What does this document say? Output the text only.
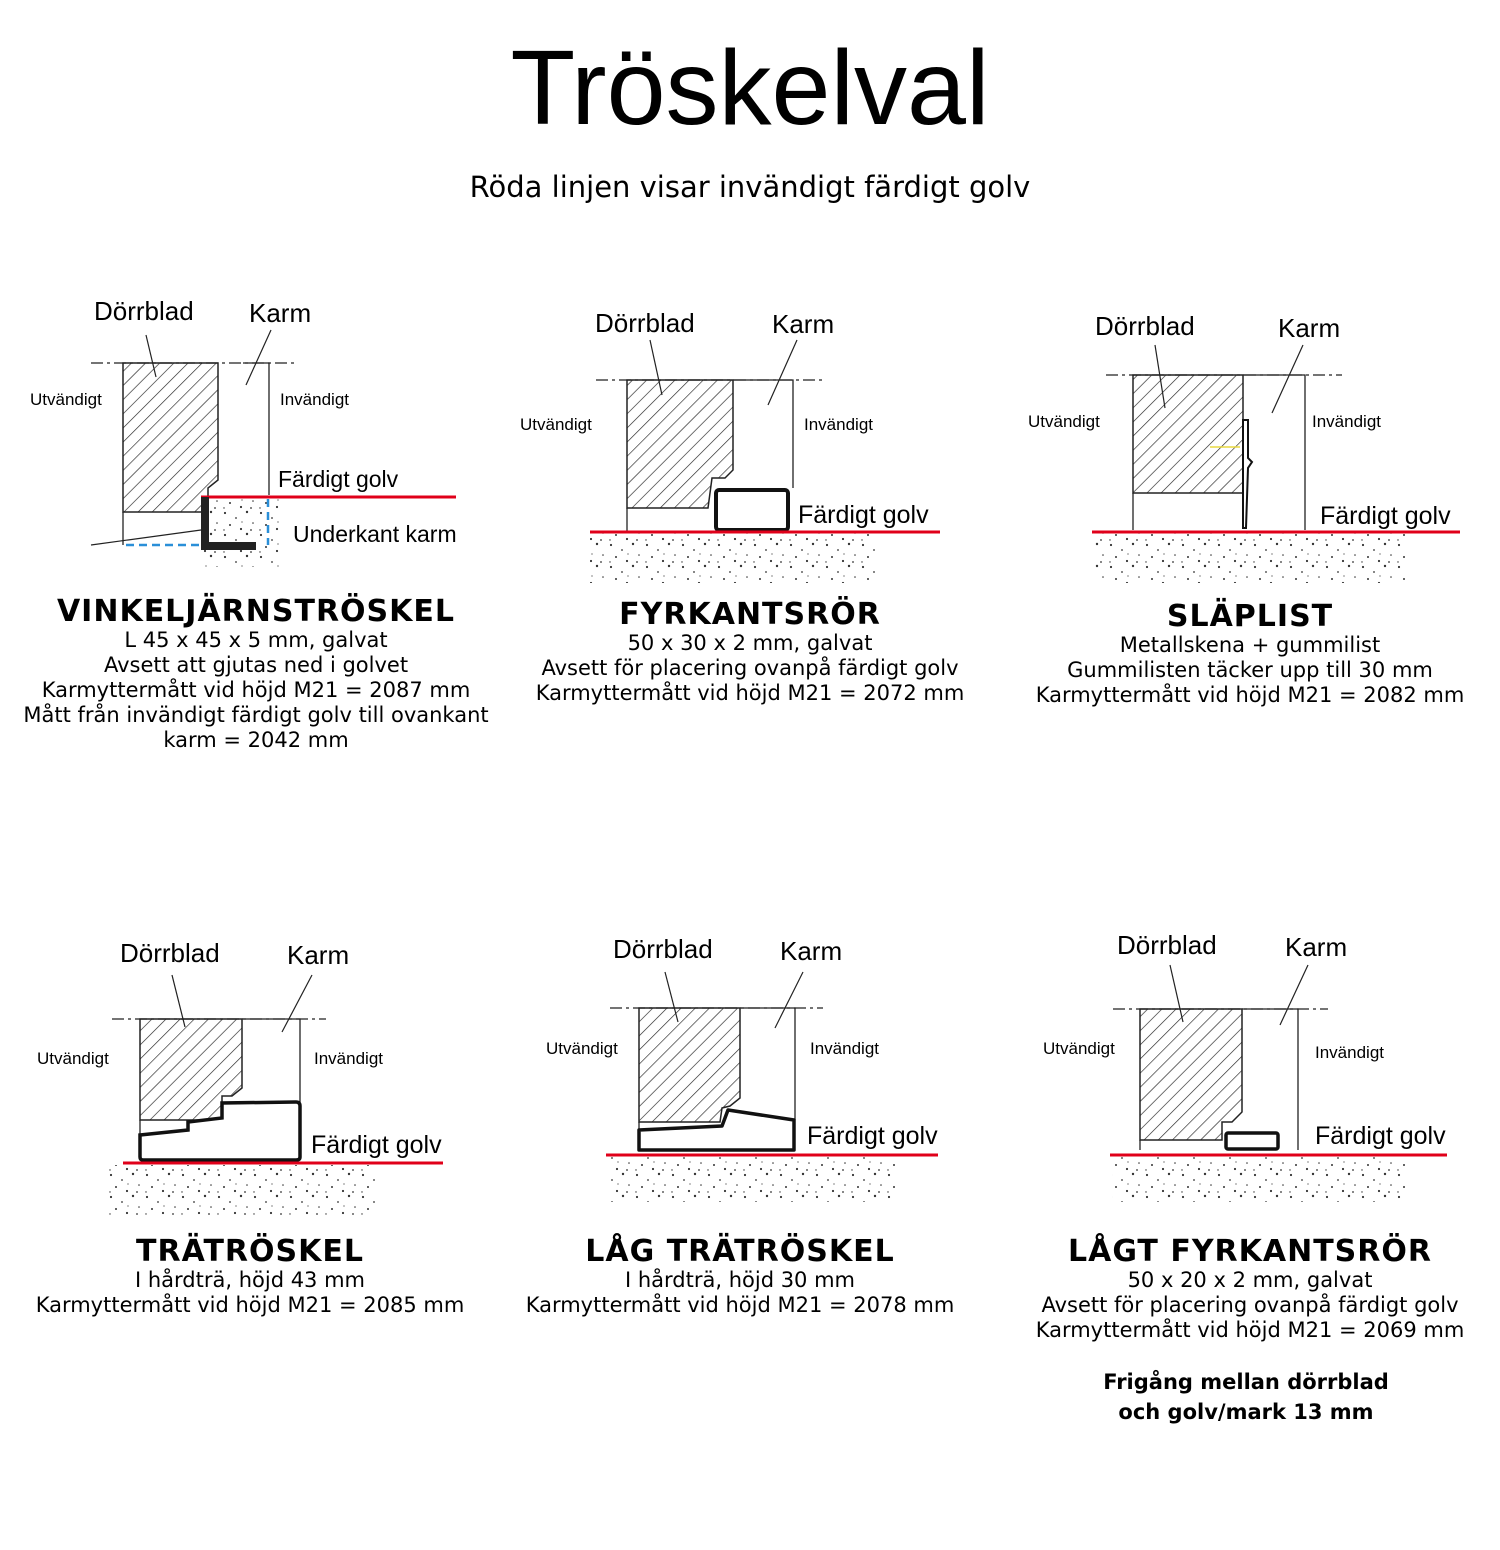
Tröskelval
Röda linjen visar invändigt färdigt golv
Dörrblad Karm
Utvändigt	Invändigt
Färdigt golv
Underkant karm
VINKELJÄRNSTRÖSKEL
L 45 x 45 x 5 mm, galvat
Avsett att gjutas ned i golvet
Karmyttermått vid höjd M21 = 2087 mm
Mått från invändigt färdigt golv till ovankant
karm = 2042 mm
Dörrblad	Karm
Utvändigt	Invändigt
Färdigt golv
FYRKANTSRÖR
50 x 30 x 2 mm, galvat
Avsett för placering ovanpå färdigt golv
Karmyttermått vid höjd M21 = 2072 mm
Dörrblad	Karm
Utvändigt	Invändigt
Färdigt golv
SLÄPLIST
Metallskena + gummilist
Gummilisten täcker upp till 30 mm
Karmyttermått vid höjd M21 = 2082 mm
Dörrblad	Karm
Utvändigt	Invändigt
Färdigt golv
TRÄTRÖSKEL
I hårdträ, höjd 43 mm
Karmyttermått vid höjd M21 = 2085 mm
Dörrblad	Karm
Utvändigt	Invändigt
Färdigt golv
LÅG TRÄTRÖSKEL
I hårdträ, höjd 30 mm
Karmyttermått vid höjd M21 = 2078 mm
Dörrblad	Karm
Utvändigt	Invändigt
Färdigt golv
LÅGT FYRKANTSRÖR
50 x 20 x 2 mm, galvat
Avsett för placering ovanpå färdigt golv
Karmyttermått vid höjd M21 = 2069 mm
Frigång mellan dörrblad
och golv/mark 13 mm
